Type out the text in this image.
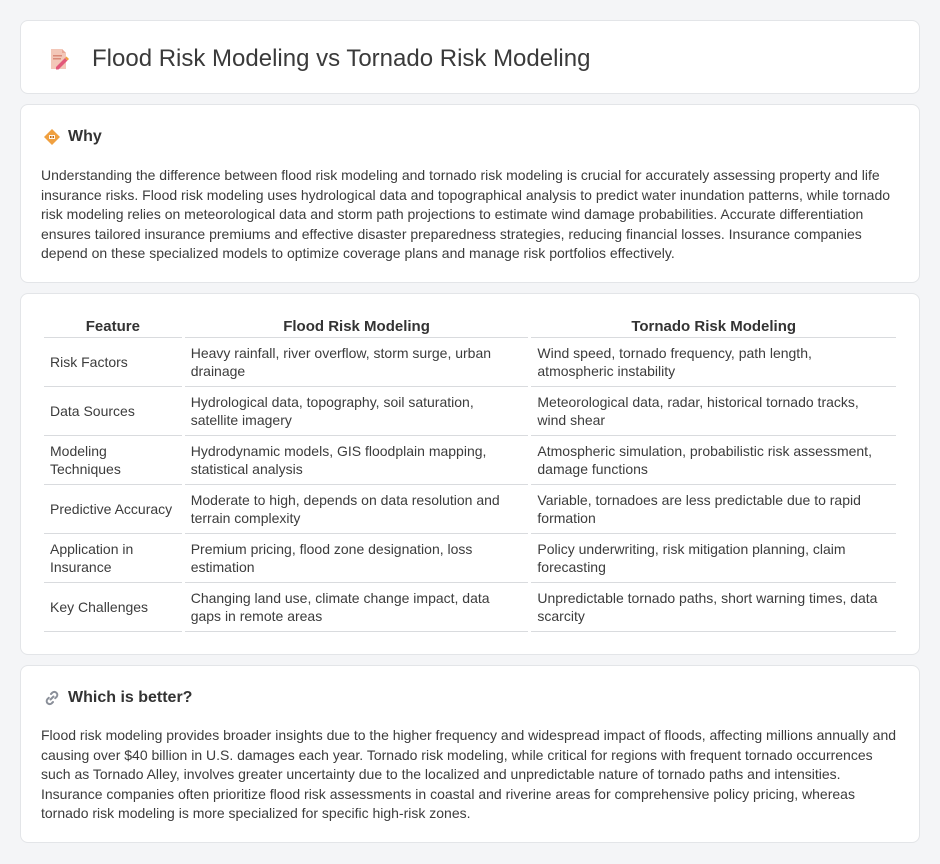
Flood Risk Modeling vs Tornado Risk Modeling
Why

Understanding the difference between flood risk modeling and tornado risk modeling is crucial for accurately assessing property and life insurance risks. Flood risk modeling uses hydrological data and topographical analysis to predict water inundation patterns, while tornado risk modeling relies on meteorological data and storm path projections to estimate wind damage probabilities. Accurate differentiation ensures tailored insurance premiums and effective disaster preparedness strategies, reducing financial losses. Insurance companies depend on these specialized models to optimize coverage plans and manage risk portfolios effectively.

Feature	Flood Risk Modeling	Tornado Risk Modeling
Risk Factors	Heavy rainfall, river overflow, storm surge, urban drainage	Wind speed, tornado frequency, path length, atmospheric instability
Data Sources	Hydrological data, topography, soil saturation, satellite imagery	Meteorological data, radar, historical tornado tracks, wind shear
Modeling Techniques	Hydrodynamic models, GIS floodplain mapping, statistical analysis	Atmospheric simulation, probabilistic risk assessment, damage functions
Predictive Accuracy	Moderate to high, depends on data resolution and terrain complexity	Variable, tornadoes are less predictable due to rapid formation
Application in Insurance	Premium pricing, flood zone designation, loss estimation	Policy underwriting, risk mitigation planning, claim forecasting
Key Challenges	Changing land use, climate change impact, data gaps in remote areas	Unpredictable tornado paths, short warning times, data scarcity
Which is better?

Flood risk modeling provides broader insights due to the higher frequency and widespread impact of floods, affecting millions annually and causing over $40 billion in U.S. damages each year. Tornado risk modeling, while critical for regions with frequent tornado occurrences such as Tornado Alley, involves greater uncertainty due to the localized and unpredictable nature of tornado paths and intensities. Insurance companies often prioritize flood risk assessments in coastal and riverine areas for comprehensive policy pricing, whereas tornado risk modeling is more specialized for specific high-risk zones.
